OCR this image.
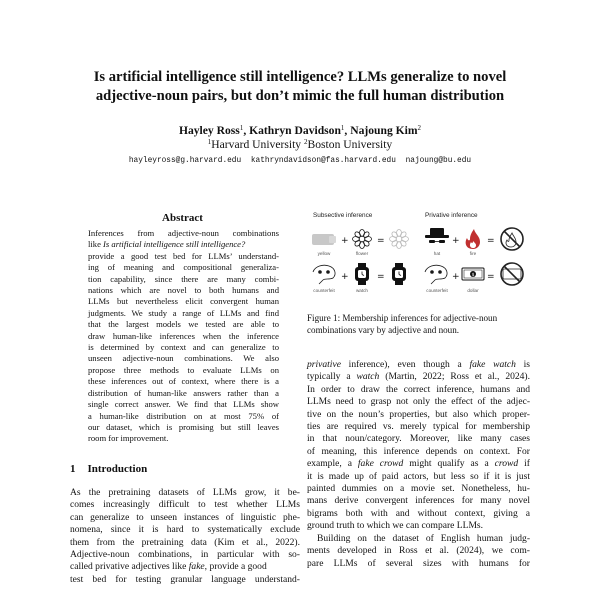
Is artificial intelligence still intelligence? LLMs generalize to novel
adjective-noun pairs, but don’t mimic the full human distribution
Hayley Ross$^1$, Kathryn Davidson$^1$, Najoung Kim$^2$
$^1$Harvard University $^2$Boston University
hayleyross@g.harvard.edu kathryndavidson@fas.harvard.edu najoung@bu.edu
Abstract
Inferences from adjective-noun combinations
like Is artificial intelligence still intelligence?
provide a good test bed for LLMs’ understand-
ing of meaning and compositional generaliza-
tion capability, since there are many combi-
nations which are novel to both humans and
LLMs but nevertheless elicit convergent human
judgments. We study a range of LLMs and find
that the largest models we tested are able to
draw human-like inferences when the inference
is determined by context and can generalize to
unseen adjective-noun combinations. We also
propose three methods to evaluate LLMs on
these inferences out of context, where there is a
distribution of human-like answers rather than a
single correct answer. We find that LLMs show
a human-like distribution on at most 75% of
our dataset, which is promising but still leaves
room for improvement.
1 Introduction
As the pretraining datasets of LLMs grow, it be-
comes increasingly difficult to test whether LLMs
can generalize to unseen instances of linguistic phe-
nomena, since it is hard to systematically exclude
them from the pretraining data (Kim et al., 2022).
Adjective-noun combinations, in particular with so-
called privative adjectives like fake, provide a good
test bed for testing granular language understand-
Subsective inference	Privative inference
+	=	+	=
+	=	+	$ =
yellow	flower	hat	fire
counterfeit	watch	counterfeit	dollar
Figure 1: Membership inferences for adjective-noun
combinations vary by adjective and noun.
privative inference), even though a fake watch is
typically a watch (Martin, 2022; Ross et al., 2024).
In order to draw the correct inference, humans and
LLMs need to grasp not only the effect of the adjec-
tive on the noun’s properties, but also which proper-
ties are required vs. merely typical for membership
in that noun/category. Moreover, like many cases
of meaning, this inference depends on context. For
example, a fake crowd might qualify as a crowd if
it is made up of paid actors, but less so if it is just
painted dummies on a movie set. Nonetheless, hu-
mans derive convergent inferences for many novel
bigrams both with and without context, giving a
ground truth to which we can compare LLMs.
Building on the dataset of English human judg-
ments developed in Ross et al. (2024), we com-
pare LLMs of several sizes with humans for
